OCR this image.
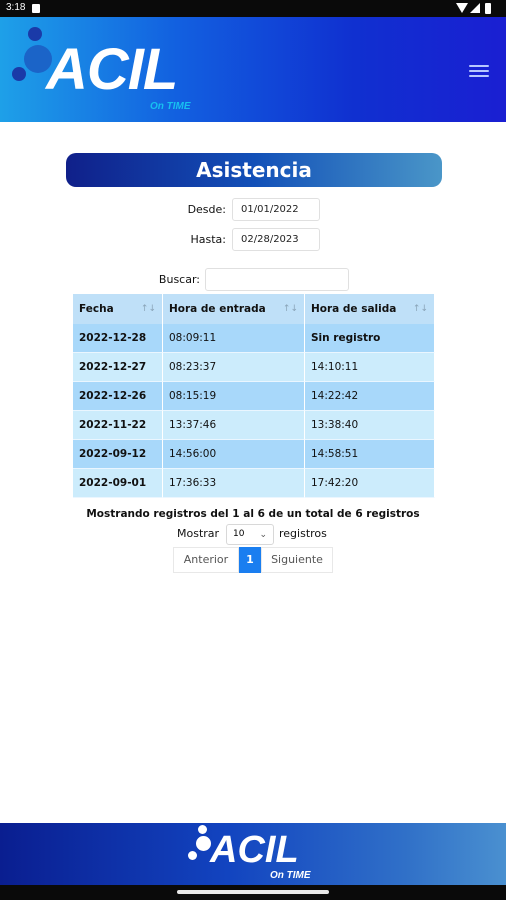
3:18
ACIL
On TIME
Asistencia
Desde:	01/01/2022
Hasta:	02/28/2023
Buscar:
Fecha ↑↓	Hora de entrada ↑↓	Hora de salida ↑↓

2022-12-28	08:09:11	Sin registro
2022-12-27	08:23:37	14:10:11
2022-12-26	08:15:19	14:22:42
2022-11-22	13:37:46	13:38:40
2022-09-12	14:56:00	14:58:51
2022-09-01	17:36:33	17:42:20
Mostrando registros del 1 al 6 de un total de 6 registros
Mostrar	10 ⌄ registros
Anterior	1	Siguiente
ACIL
On TIME
